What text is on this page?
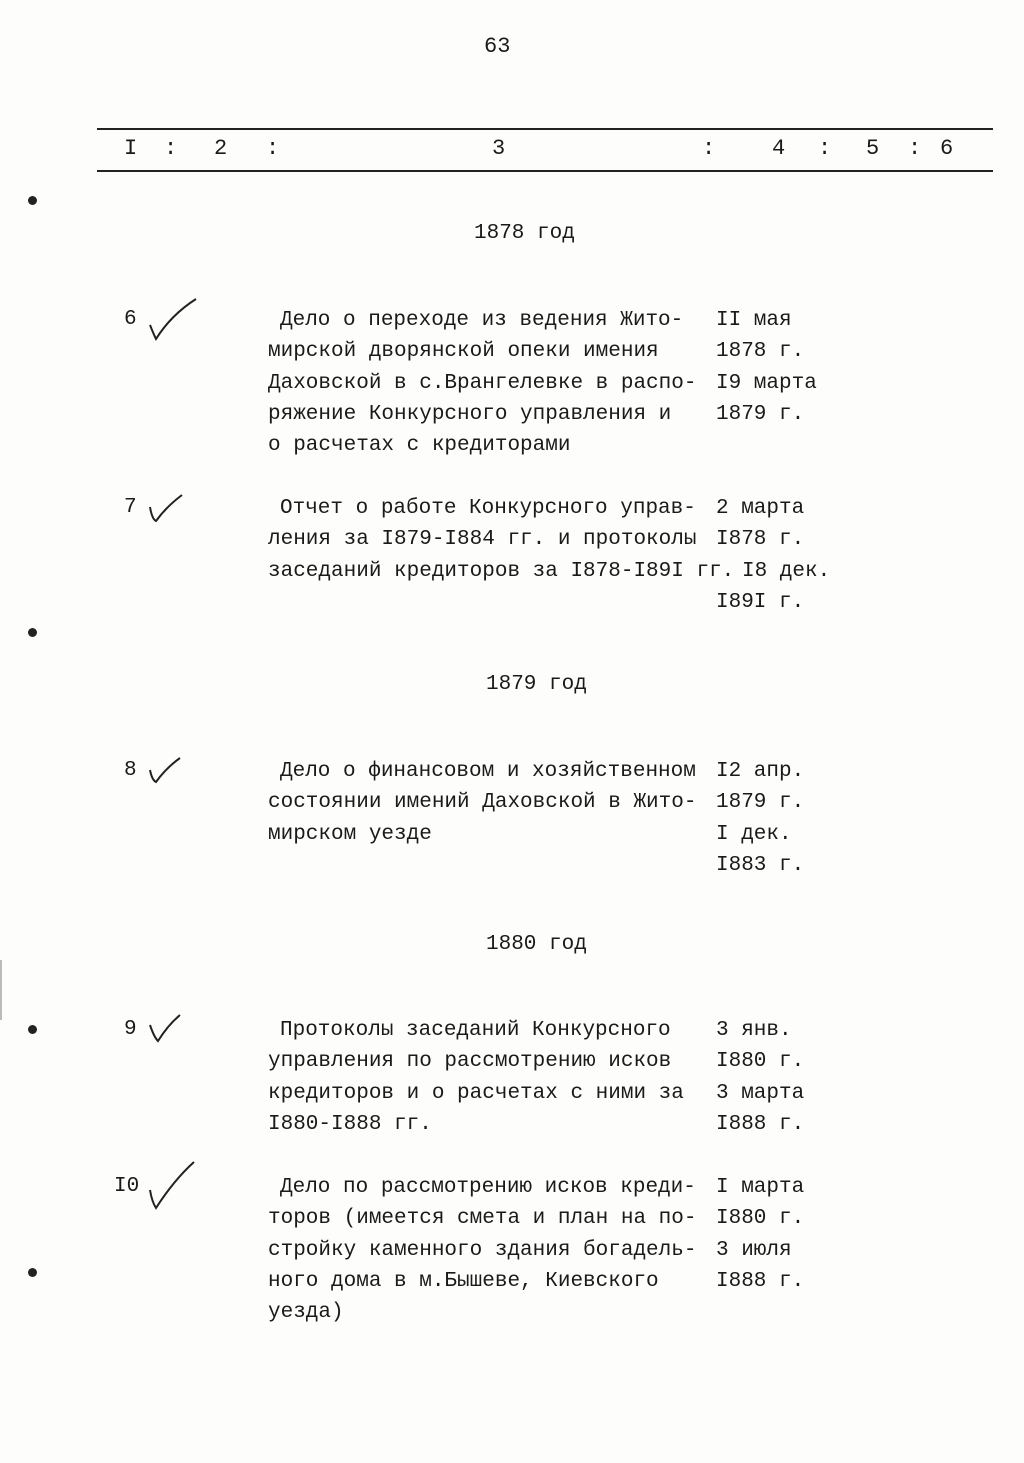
63
I : 2 :	3	:	4 : 5 : 6
1878 год
1879 год
1880 год
6	Дело о переходе из ведения Жито-
мирской дворянской опеки имения
Даховской в с.Врангелевке в распо-
ряжение Конкурсного управления и
о расчетах с кредиторами
II мая
1878 г.
I9 марта
1879 г.
7	Отчет о работе Конкурсного управ-
ления за I879-I884 гг. и протоколы
заседаний кредиторов за I878-I89I гг.
2 марта
I878 г.
I8 дек.
I89I г.
8	Дело о финансовом и хозяйственном
состоянии имений Даховской в Жито-
мирском уезде
I2 апр.
1879 г.
I дек.
I883 г.
9	Протоколы заседаний Конкурсного
управления по рассмотрению исков
кредиторов и о расчетах с ними за
I880-I888 гг.
3 янв.
I880 г.
3 марта
I888 г.
I0	Дело по рассмотрению исков креди-
торов (имеется смета и план на по-
стройку каменного здания богадель-
ного дома в м.Бышеве, Киевского
уезда)
I марта
I880 г.
3 июля
I888 г.
